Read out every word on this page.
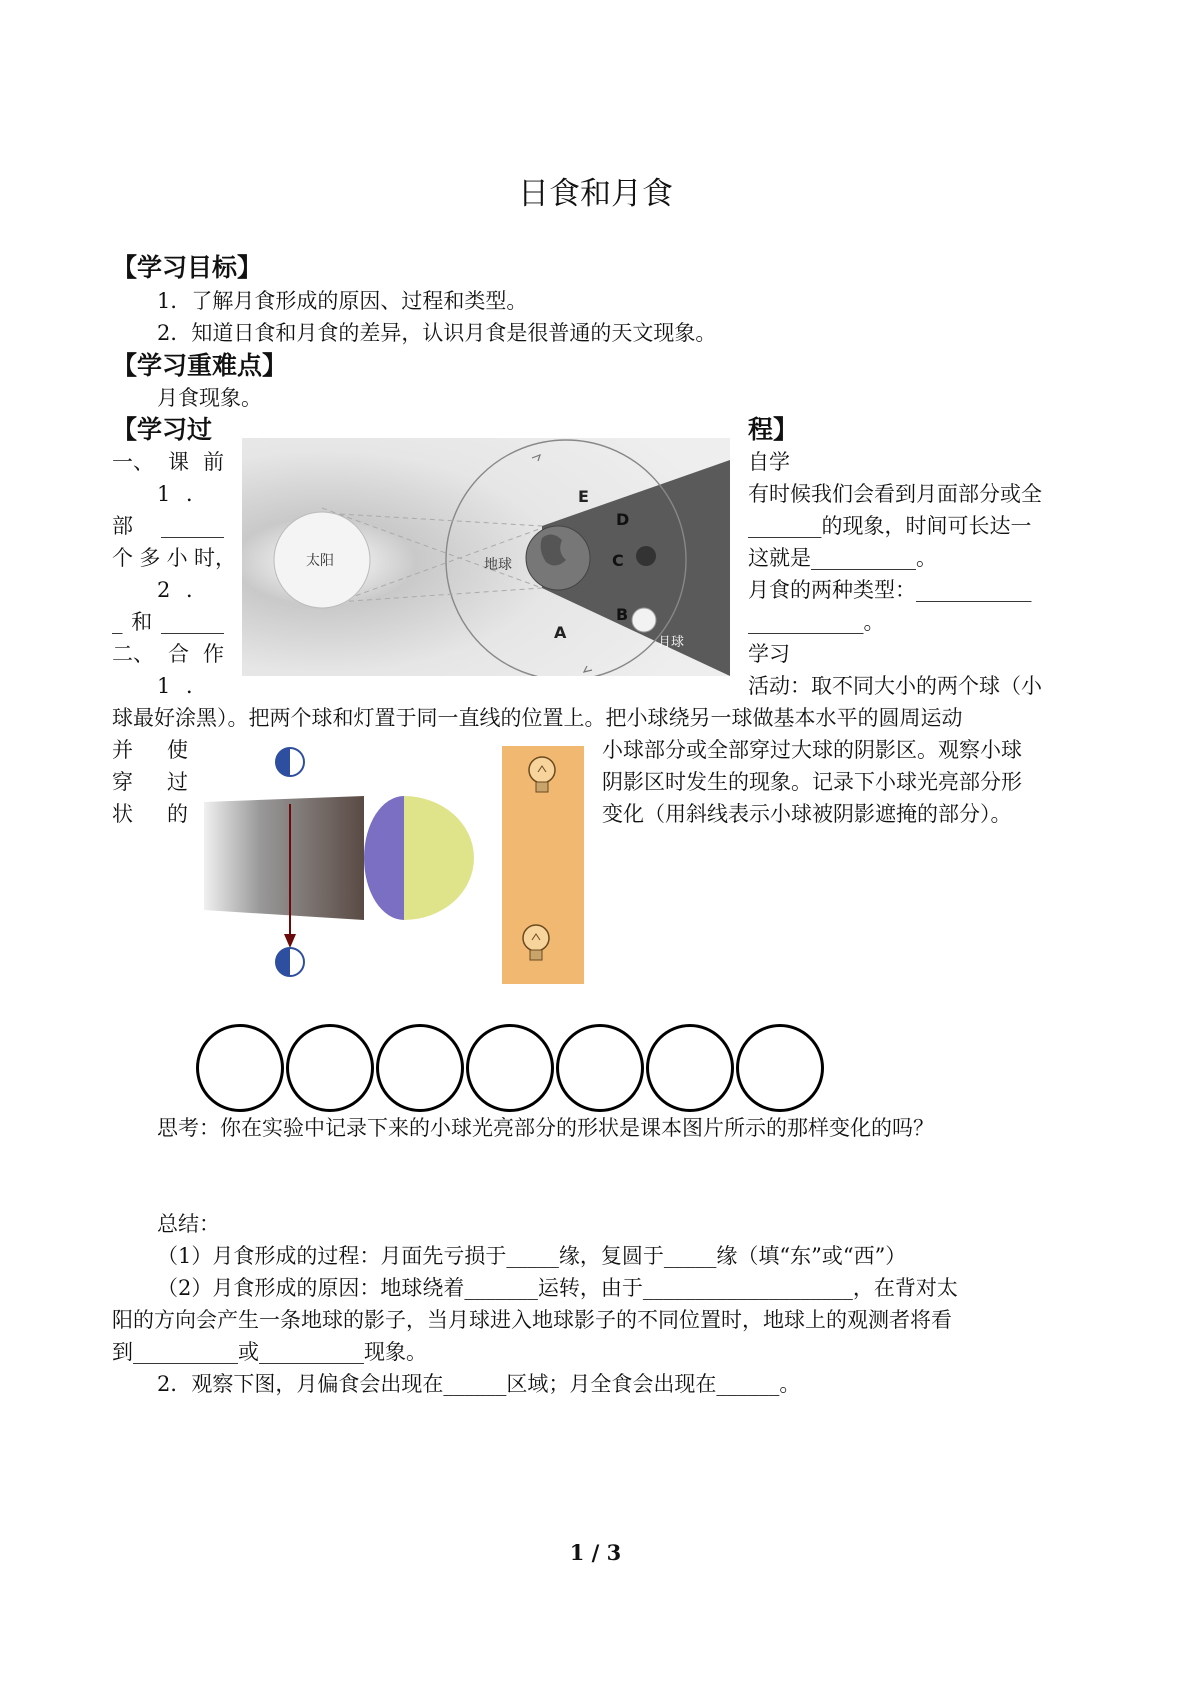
日食和月食
【学习目标】
1．了解月食形成的原因、过程和类型。
2．知道日食和月食的差异，认识月食是很普通的天文现象。
【学习重难点】
月食现象。
【学习过	程】
一、 课 前
1 ．
部 ______
个 多 小 时，
2 ．
_ 和 ______
二、 合 作
1 ．
自学
有时候我们会看到月面部分或全
_______的现象，时间可长达一
这就是__________。
月食的两种类型：___________
___________。
学习
活动：取不同大小的两个球（小
球最好涂黑）。把两个球和灯置于同一直线的位置上。把小球绕另一球做基本水平的圆周运动
太阳	地球
月球
E
D
C
B
A
并 使
穿 过
状 的
小球部分或全部穿过大球的阴影区。观察小球
阴影区时发生的现象。记录下小球光亮部分形
变化（用斜线表示小球被阴影遮掩的部分）。
思考：你在实验中记录下来的小球光亮部分的形状是课本图片所示的那样变化的吗？
总结：
（1）月食形成的过程：月面先亏损于_____缘，复圆于_____缘（填“东”或“西”）
（2）月食形成的原因：地球绕着_______运转，由于____________________，在背对太
阳的方向会产生一条地球的影子，当月球进入地球影子的不同位置时，地球上的观测者将看
到__________或__________现象。
2．观察下图，月偏食会出现在______区域；月全食会出现在______。
1 / 3
